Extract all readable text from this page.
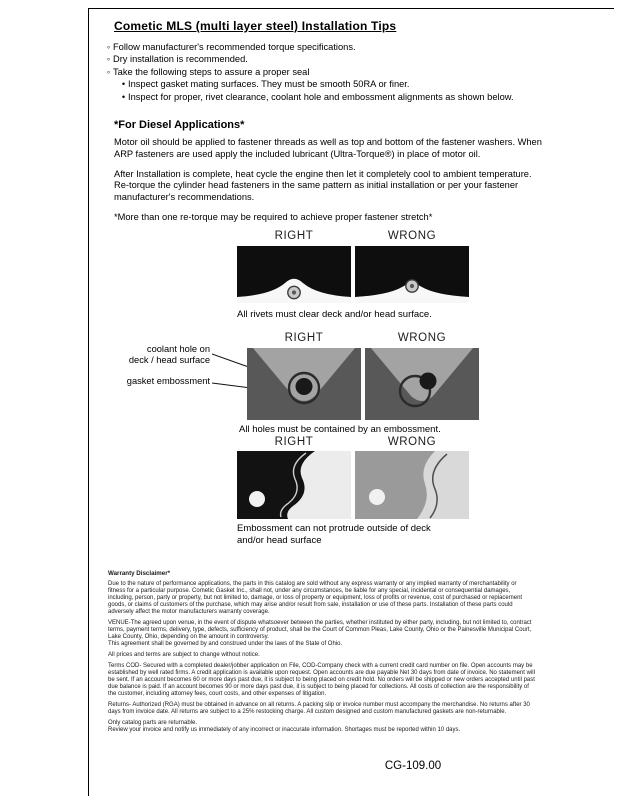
Cometic MLS (multi layer steel) Installation Tips
◦ Follow manufacturer's recommended torque specifications.
◦ Dry installation is recommended.
◦ Take the following steps to assure a proper seal
• Inspect gasket mating surfaces. They must be smooth 50RA or finer.
• Inspect for proper, rivet clearance, coolant hole and embossment alignments as shown below.
*For Diesel Applications*

Motor oil should be applied to fastener threads as well as top and bottom of the fastener washers. When ARP fasteners are used apply the included lubricant (Ultra-Torque®) in place of motor oil.

After Installation is complete, heat cycle the engine then let it completely cool to ambient temperature. Re-torque the cylinder head fasteners in the same pattern as initial installation or per your fastener manufacturer's recommendations.

*More than one re-torque may be required to achieve proper fastener stretch*

RIGHT	WRONG
All rivets must clear deck and/or head surface.
RIGHT	WRONG
coolant hole on
deck / head surface
gasket embossment
All holes must be contained by an embossment.
RIGHT	WRONG
Embossment can not protrude outside of deck and/or head surface
Warranty Disclaimer*

Due to the nature of performance applications, the parts in this catalog are sold without any express warranty or any implied warranty of merchantability or fitness for a particular purpose. Cometic Gasket Inc., shall not, under any circumstances, be liable for any special, incidental or consequential damages, including, person, party or property, but not limited to, damage, or loss of property or equipment, loss of profits or revenue, cost of purchased or replacement goods, or claims of customers of the purchase, which may arise and/or result from sale, installation or use of these parts. Installation of these parts could adversely affect the motor manufacturers warranty coverage.

VENUE-The agreed upon venue, in the event of dispute whatsoever between the parties, whether instituted by either party, including, but not limited to, contract terms, payment terms, delivery, type, defects, sufficiency of product, shall be the Court of Common Pleas, Lake County, Ohio or the Painesville Municipal Court, Lake County, Ohio, depending on the amount in controversy.

This agreement shall be governed by and construed under the laws of the State of Ohio.

All prices and terms are subject to change without notice.

Terms COD- Secured with a completed dealer/jobber application on File, COD-Company check with a current credit card number on file. Open accounts may be established by well rated firms. A credit application is available upon request. Open accounts are due payable Net 30 days from date of invoice. No statement will be sent. If an account becomes 60 or more days past due, it is subject to being placed on credit hold. No orders will be shipped or new orders accepted until past due balance is paid. If an account becomes 90 or more days past due, it is subject to being placed for collections. All costs of collection are the responsibility of the customer, including attorney fees, court costs, and other expenses of litigation.

Returns- Authorized (RGA) must be obtained in advance on all returns. A packing slip or invoice number must accompany the merchandise. No returns after 30 days from invoice date. All returns are subject to a 25% restocking charge. All custom designed and custom manufactured gaskets are non-returnable.

Only catalog parts are returnable.

Review your invoice and notify us immediately of any incorrect or inaccurate information. Shortages must be reported within 10 days.

CG-109.00
